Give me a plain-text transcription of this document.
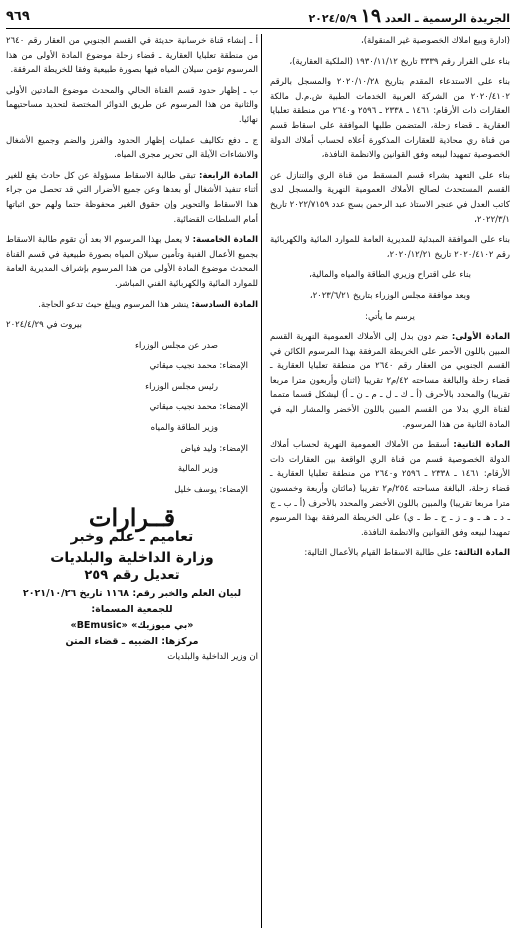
الجريدة الرسمية ـ العدد ١٩ ٢٠٢٤/٥/٩
٩٦٩

(ادارة وبيع املاك الخصوصية غير المنقولة)،

بناء على القرار رقم ٣٣٣٩ تاريخ ١٩٣٠/١١/١٢ (الملكية العقارية)،

بناء على الاستدعاء المقدم بتاريخ ٢٠٢٠/١٠/٢٨ والمسجل بالرقم ٢٠٢٠/٤١٠٢ من الشركة العربية الخدمات الطبية ش.م.ل مالكة العقارات ذات الأرقام: ١٤٦١ ـ ٢٣٣٨ ـ ٢٥٩٦ و٢٦٤٠ من منطقة تعلبايا العقارية ـ قضاء زحلة، المتضمن طلبها الموافقة على اسقاط قسم من قناة ري محاذية للعقارات المذكورة أعلاه لحساب أملاك الدولة الخصوصية تمهيدا لبيعه وفق القوانين والانظمة النافذة،

بناء على التعهد بشراء قسم المسقط من قناة الري والتنازل عن القسم المستحدث لصالح الأملاك العمومية النهرية والمسجل لدى كاتب العدل في عنجر الاستاذ عبد الرحمن بسج عدد ٢٠٢٢/٧١٥٩ تاريخ ٢٠٢٢/٣/١،

بناء على الموافقة المبدئية للمديرية العامة للموارد المائية والكهربائية رقم ٢٠٢٠/٤١٠٢ تاريخ ٢٠٢٠/١٢/٢١،

بناء على اقتراح وزيري الطاقة والمياه والمالية،

وبعد موافقة مجلس الوزراء بتاريخ ٢٠٢٣/٦/٢١،

يرسم ما يأتي:

المادة الأولى: ضم دون بدل إلى الأملاك العمومية النهرية القسم المبين باللون الأحمر على الخريطة المرفقة بهذا المرسوم الكائن في القسم الجنوبي من العقار رقم ٢٦٤٠ من منطقة تعلبايا العقارية ـ قضاء زحلة والبالغة مساحته ٤٢/م٢ تقريبا (اثنان وأربعون مترا مربعا تقريبا) والمحدد بالأحرف (أ ـ ك ـ ل ـ م ـ ن ـ أ) ليشكل قسما متمما لقناة الري بدلا من القسم المبين باللون الأخضر والمشار اليه في المادة الثانية من هذا المرسوم.

المادة الثانية: أسقط من الأملاك العمومية النهرية لحساب أملاك الدولة الخصوصية قسم من قناة الري الواقعة بين العقارات ذات الأرقام: ١٤٦١ ـ ٢٣٣٨ ـ ٢٥٩٦ و٢٦٤٠ من منطقة تعلبايا العقارية ـ قضاء زحلة، البالغة مساحته ٢٥٤/م٢ تقريبا (مائتان وأربعة وخمسون مترا مربعا تقريبا) والمبين باللون الأخضر والمحدد بالأحرف (أ ـ ب ـ ج ـ د ـ هـ ـ و ـ ز ـ ح ـ ط ـ ي) على الخريطة المرفقة بهذا المرسوم تمهيدا لبيعه وفق القوانين والانظمة النافذة.

المادة الثالثة: على طالبة الاسقاط القيام بالأعمال التالية:

أ ـ إنشاء قناة خرسانية حديثة في القسم الجنوبي من العقار رقم ٢٦٤٠ من منطقة تعلبايا العقارية ـ قضاء زحلة موضوع المادة الأولى من هذا المرسوم تؤمن سيلان المياه فيها بصورة طبيعية وفقا للخريطة المرفقة.

ب ـ إظهار حدود قسم القناة الحالي والمحدث موضوع المادتين الأولى والثانية من هذا المرسوم عن طريق الدوائر المختصة لتحديد مساحتيهما نهائيا.

ج ـ دفع تكاليف عمليات إظهار الحدود والفرز والضم وجميع الأشغال والانشاءات الآيلة الى تحرير مجرى المياه.

المادة الرابعة: تبقى طالبة الاسقاط مسؤولة عن كل حادث يقع للغير أثناء تنفيذ الأشغال أو بعدها وعن جميع الأضرار التي قد تحصل من جراء هذا الاسقاط والتحوير وإن حقوق الغير محفوظة حتما ولهم حق اثباتها أمام السلطات القضائية.

المادة الخامسة: لا يعمل بهذا المرسوم الا بعد أن تقوم طالبة الاسقاط بجميع الأعمال الفنية وتأمين سيلان المياه بصورة طبيعية في قسم القناة المحدث موضوع المادة الأولى من هذا المرسوم بإشراف المديرية العامة للموارد المائية والكهربائية الفني المباشر.

المادة السادسة: ينشر هذا المرسوم ويبلغ حيث تدعو الحاجة.

بيروت في ٢٠٢٤/٤/٢٩

صدر عن مجلس الوزراء

الإمضاء: محمد نجيب ميقاتي

رئيس مجلس الوزراء

الإمضاء: محمد نجيب ميقاتي

وزير الطاقة والمياه

الإمضاء: وليد فياض

وزير المالية

الإمضاء: يوسف خليل

قــرارات
تعاميم ـ علم وخبر
وزارة الداخلية والبلديات
تعديل رقم ٢٥٩
لبيان العلم والخبر رقم: ١١٦٨ تاريخ ٢٠٢١/١٠/٢٦
للجمعية المسماة:
«بي ميوزيك» «BEmusic»
مركزها: الضبيه ـ قضاء المتن

ان وزير الداخلية والبلديات
